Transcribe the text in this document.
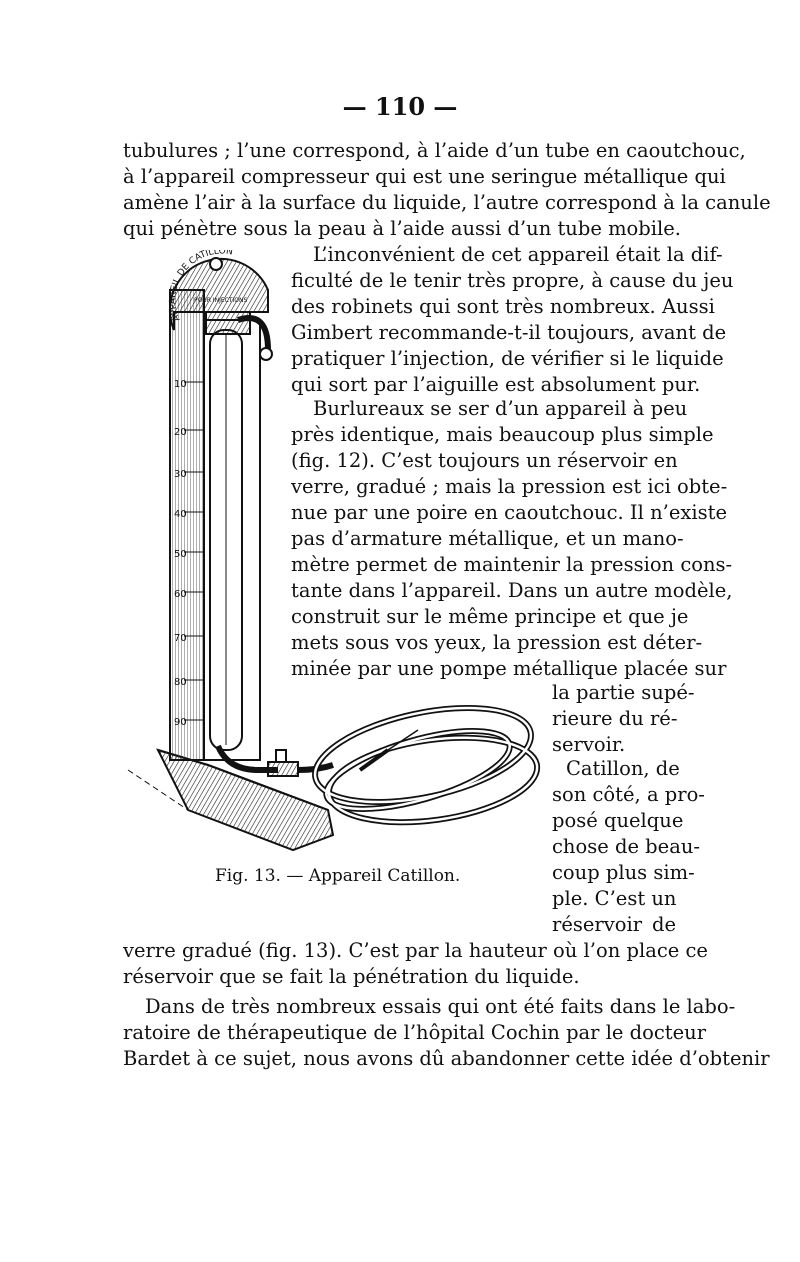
— 110 —
tubulures ; l’une correspond, à l’aide d’un tube en caoutchouc,
à l’appareil compresseur qui est une seringue métallique qui
amène l’air à la surface du liquide, l’autre correspond à la canule
qui pénètre sous la peau à l’aide aussi d’un tube mobile.
L’inconvénient de cet appareil était la dif-
ficulté de le tenir très propre, à cause du jeu
des robinets qui sont très nombreux. Aussi
Gimbert recommande-t-il toujours, avant de
pratiquer l’injection, de vérifier si le liquide
qui sort par l’aiguille est absolument pur.
Burlureaux se ser d’un appareil à peu
près identique, mais beaucoup plus simple
(fig. 12). C’est toujours un réservoir en
verre, gradué ; mais la pression est ici obte-
nue par une poire en caoutchouc. Il n’existe
pas d’armature métallique, et un mano-
mètre permet de maintenir la pression cons-
tante dans l’appareil. Dans un autre modèle,
construit sur le même principe et que je
mets sous vos yeux, la pression est déter-
minée par une pompe métallique placée sur
la partie supé-
rieure du ré-
servoir.
Catillon, de
son côté, a pro-
posé quelque
chose de beau-
coup plus sim-
ple. C’est un
réservoir de
verre gradué (fig. 13). C’est par la hauteur où l’on place ce
réservoir que se fait la pénétration du liquide.
Dans de très nombreux essais qui ont été faits dans le labo-
ratoire de thérapeutique de l’hôpital Cochin par le docteur
Bardet à ce sujet, nous avons dû abandonner cette idée d’obtenir
10
20
30
40
50
60
70
80
90
APPAREIL DE CATILLON
POUR INJECTIONS
Fig. 13. — Appareil Catillon.
